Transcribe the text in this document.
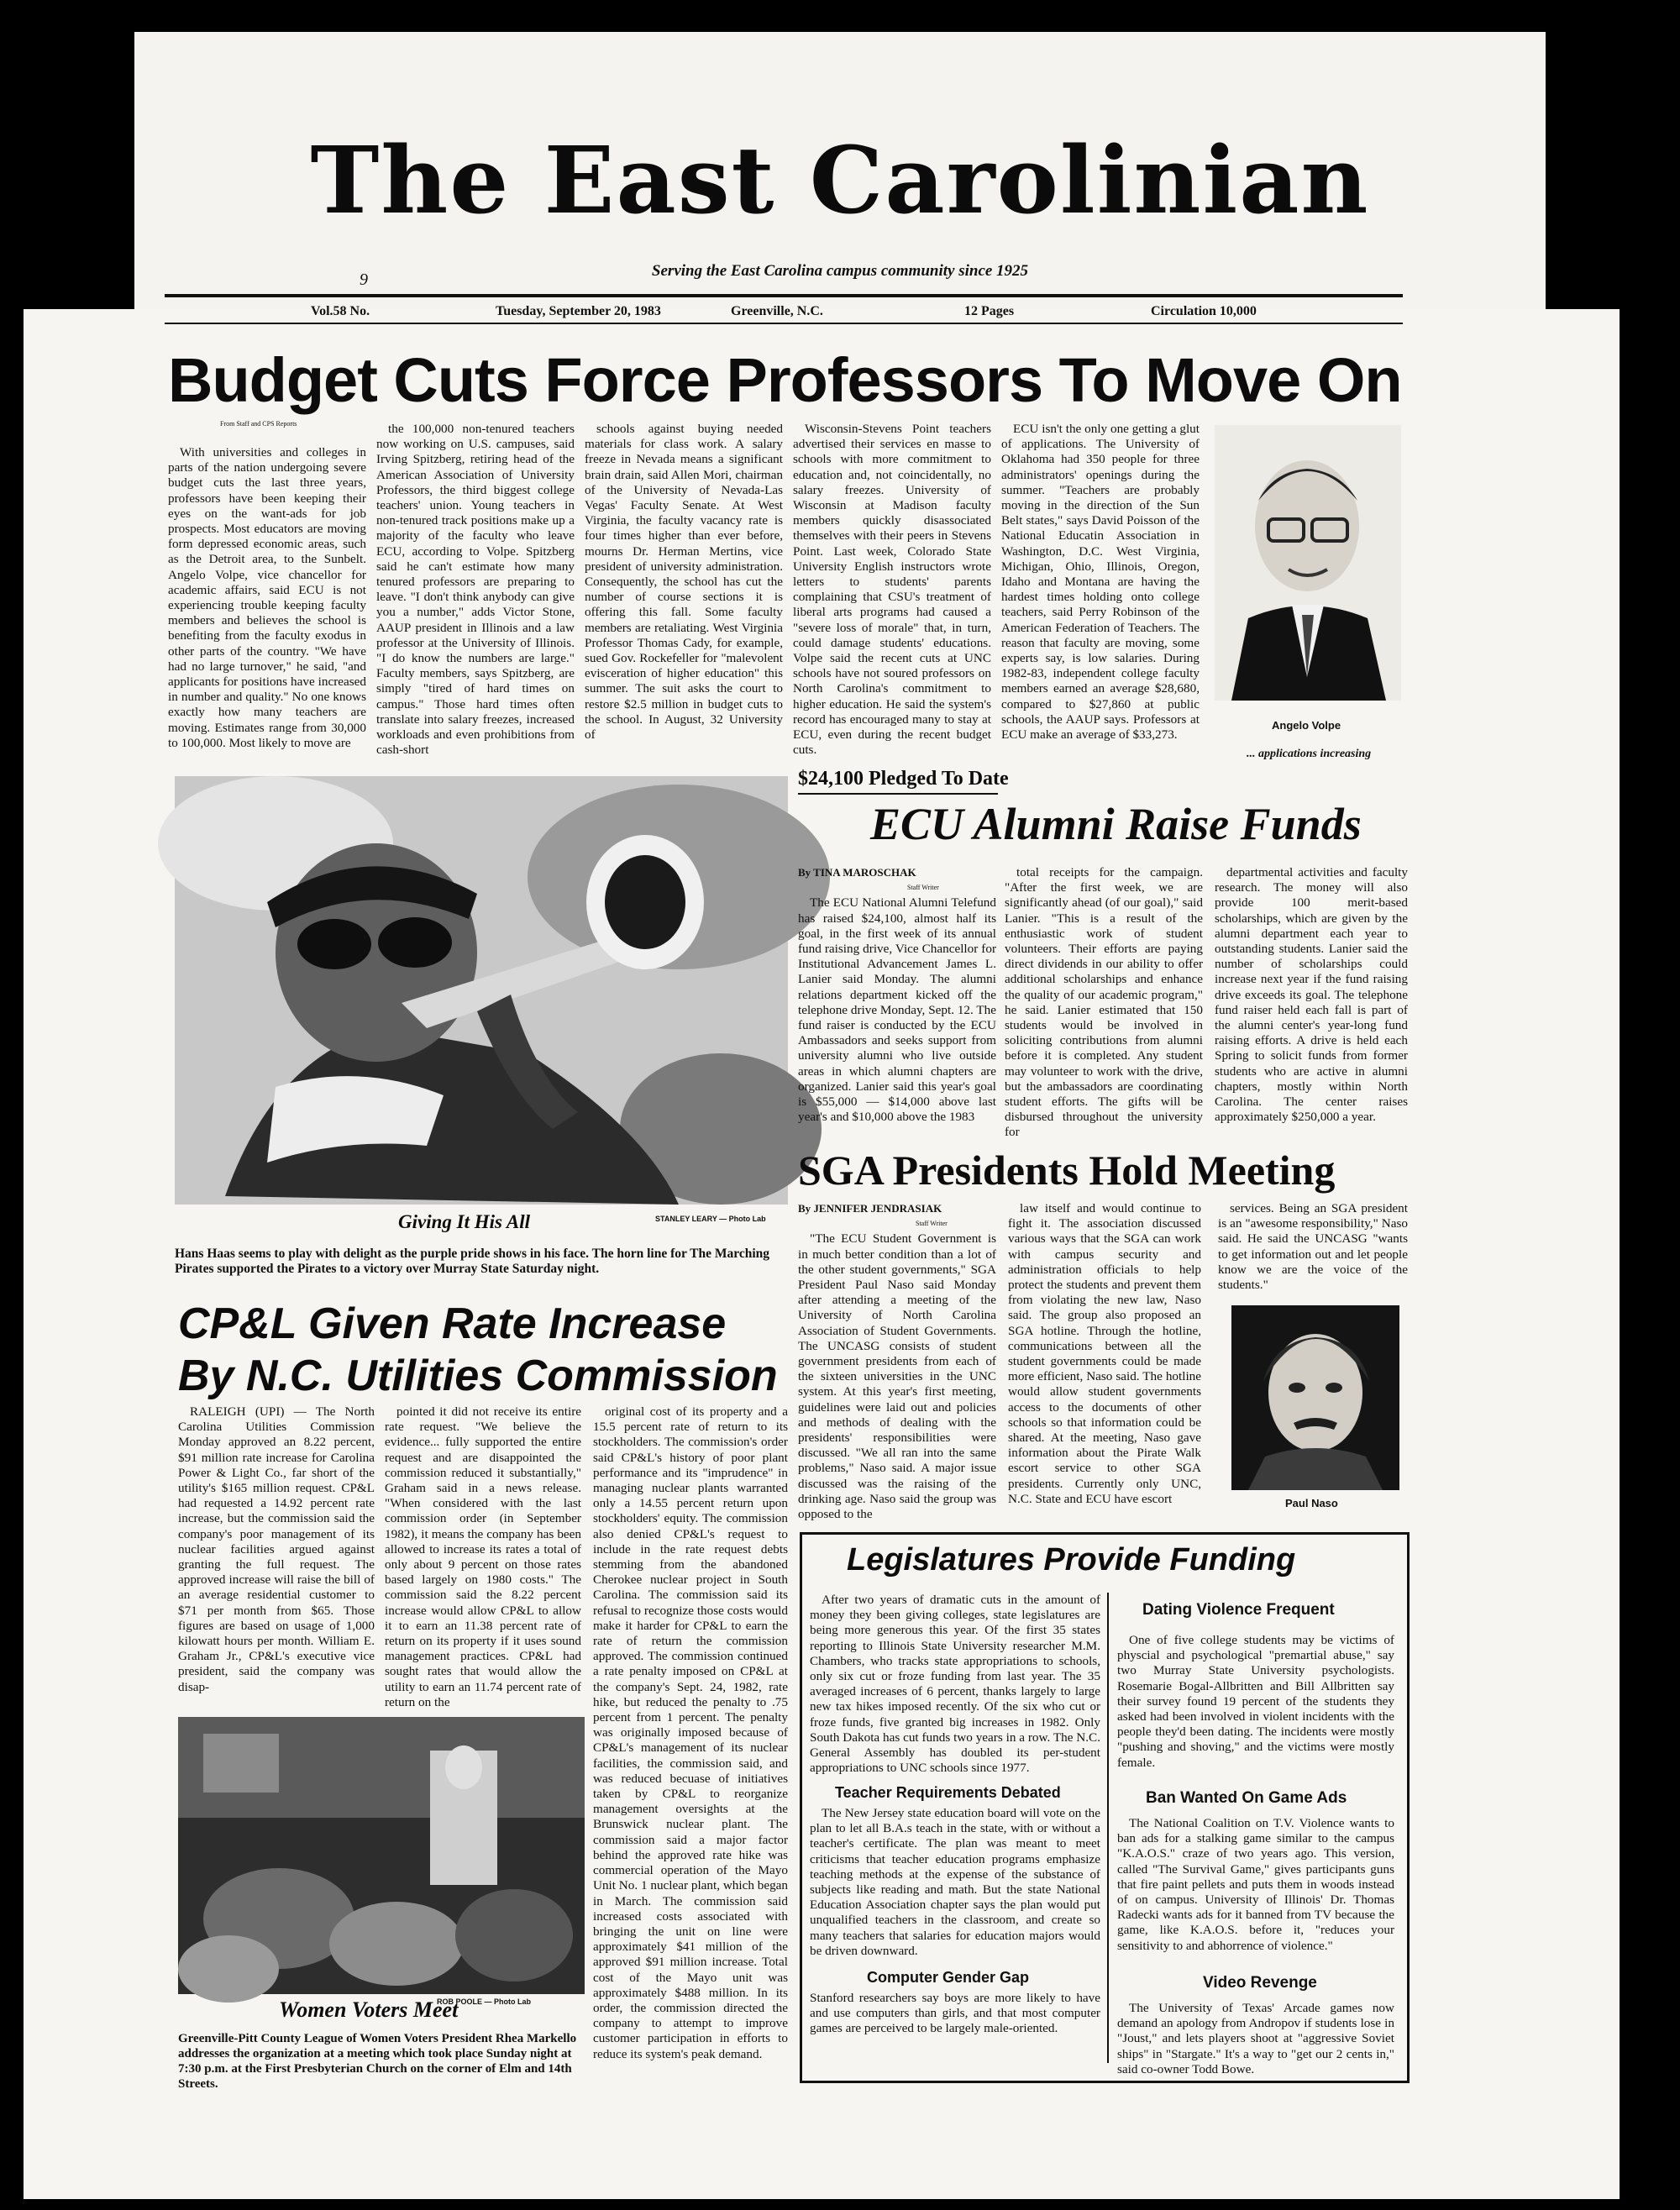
The East Carolinian
Serving the East Carolina campus community since 1925
9
Vol.58 No.	Tuesday, September 20, 1983	Greenville, N.C.	12 Pages	Circulation 10,000
Budget Cuts Force Professors To Move On
From Staff and CPS Reports

With universities and colleges in parts of the nation undergoing severe budget cuts the last three years, professors have been keeping their eyes on the want-ads for job prospects. Most educators are moving form depressed economic areas, such as the Detroit area, to the Sunbelt. Angelo Volpe, vice chancellor for academic affairs, said ECU is not experiencing trouble keeping faculty members and believes the school is benefiting from the faculty exodus in other parts of the country. "We have had no large turnover," he said, "and applicants for positions have increased in number and quality." No one knows exactly how many teachers are moving. Estimates range from 30,000 to 100,000. Most likely to move are

the 100,000 non-tenured teachers now working on U.S. campuses, said Irving Spitzberg, retiring head of the American Association of University Professors, the third biggest college teachers' union. Young teachers in non-tenured track positions make up a majority of the faculty who leave ECU, according to Volpe. Spitzberg said he can't estimate how many tenured professors are preparing to leave. "I don't think anybody can give you a number," adds Victor Stone, AAUP president in Illinois and a law professor at the University of Illinois. "I do know the numbers are large." Faculty members, says Spitzberg, are simply "tired of hard times on campus." Those hard times often translate into salary freezes, increased workloads and even prohibitions from cash-short

schools against buying needed materials for class work. A salary freeze in Nevada means a significant brain drain, said Allen Mori, chairman of the University of Nevada-Las Vegas' Faculty Senate. At West Virginia, the faculty vacancy rate is four times higher than ever before, mourns Dr. Herman Mertins, vice president of university administration. Consequently, the school has cut the number of course sections it is offering this fall. Some faculty members are retaliating. West Virginia Professor Thomas Cady, for example, sued Gov. Rockefeller for "malevolent evisceration of higher education" this summer. The suit asks the court to restore $2.5 million in budget cuts to the school. In August, 32 University of

Wisconsin-Stevens Point teachers advertised their services en masse to schools with more commitment to education and, not coincidentally, no salary freezes. University of Wisconsin at Madison faculty members quickly disassociated themselves with their peers in Stevens Point. Last week, Colorado State University English instructors wrote letters to students' parents complaining that CSU's treatment of liberal arts programs had caused a "severe loss of morale" that, in turn, could damage students' educations. Volpe said the recent cuts at UNC schools have not soured professors on North Carolina's commitment to higher education. He said the system's record has encouraged many to stay at ECU, even during the recent budget cuts.

ECU isn't the only one getting a glut of applications. The University of Oklahoma had 350 people for three administrators' openings during the summer. "Teachers are probably moving in the direction of the Sun Belt states," says David Poisson of the National Educatin Association in Washington, D.C. West Virginia, Michigan, Ohio, Illinois, Oregon, Idaho and Montana are having the hardest times holding onto college teachers, said Perry Robinson of the American Federation of Teachers. The reason that faculty are moving, some experts say, is low salaries. During 1982-83, independent college faculty members earned an average $28,680, compared to $27,860 at public schools, the AAUP says. Professors at ECU make an average of $33,273.

Angelo Volpe
... applications increasing
STANLEY LEARY — Photo Lab
Giving It His All
Hans Haas seems to play with delight as the purple pride shows in his face. The horn line for The Marching Pirates supported the Pirates to a victory over Murray State Saturday night.
$24,100 Pledged To Date
ECU Alumni Raise Funds

By TINA MAROSCHAK

Staff Writer

The ECU National Alumni Telefund has raised $24,100, almost half its goal, in the first week of its annual fund raising drive, Vice Chancellor for Institutional Advancement James L. Lanier said Monday. The alumni relations department kicked off the telephone drive Monday, Sept. 12. The fund raiser is conducted by the ECU Ambassadors and seeks support from university alumni who live outside areas in which alumni chapters are organized. Lanier said this year's goal is $55,000 — $14,000 above last year's and $10,000 above the 1983

total receipts for the campaign. "After the first week, we are significantly ahead (of our goal)," said Lanier. "This is a result of the enthusiastic work of student volunteers. Their efforts are paying direct dividends in our ability to offer additional scholarships and enhance the quality of our academic program," he said. Lanier estimated that 150 students would be involved in soliciting contributions from alumni before it is completed. Any student may volunteer to work with the drive, but the ambassadors are coordinating student efforts. The gifts will be disbursed throughout the university for

departmental activities and faculty research. The money will also provide 100 merit-based scholarships, which are given by the alumni department each year to outstanding students. Lanier said the number of scholarships could increase next year if the fund raising drive exceeds its goal. The telephone fund raiser held each fall is part of the alumni center's year-long fund raising efforts. A drive is held each Spring to solicit funds from former students who are active in alumni chapters, mostly within North Carolina. The center raises approximately $250,000 a year.

SGA Presidents Hold Meeting

By JENNIFER JENDRASIAK

Staff Writer

"The ECU Student Government is in much better condition than a lot of the other student governments," SGA President Paul Naso said Monday after attending a meeting of the University of North Carolina Association of Student Governments. The UNCASG consists of student government presidents from each of the sixteen universities in the UNC system. At this year's first meeting, guidelines were laid out and policies and methods of dealing with the presidents' responsibilities were discussed. "We all ran into the same problems," Naso said. A major issue discussed was the raising of the drinking age. Naso said the group was opposed to the

law itself and would continue to fight it. The association discussed various ways that the SGA can work with campus security and administration officials to help protect the students and prevent them from violating the new law, Naso said. The group also proposed an SGA hotline. Through the hotline, communications between all the student governments could be made more efficient, Naso said. The hotline would allow student governments access to the documents of other schools so that information could be shared. At the meeting, Naso gave information about the Pirate Walk escort service to other SGA presidents. Currently only UNC, N.C. State and ECU have escort

services. Being an SGA president is an "awesome responsibility," Naso said. He said the UNCASG "wants to get information out and let people know we are the voice of the students."

Paul Naso
CP&L Given Rate Increase
By N.C. Utilities Commission

RALEIGH (UPI) — The North Carolina Utilities Commission Monday approved an 8.22 percent, $91 million rate increase for Carolina Power & Light Co., far short of the utility's $165 million request. CP&L had requested a 14.92 percent rate increase, but the commission said the company's poor management of its nuclear facilities argued against granting the full request. The approved increase will raise the bill of an average residential customer to $71 per month from $65. Those figures are based on usage of 1,000 kilowatt hours per month. William E. Graham Jr., CP&L's executive vice president, said the company was disap-

pointed it did not receive its entire rate request. "We believe the evidence... fully supported the entire request and are disappointed the commission reduced it substantially," Graham said in a news release. "When considered with the last commission order (in September 1982), it means the company has been allowed to increase its rates a total of only about 9 percent on those rates based largely on 1980 costs." The commission said the 8.22 percent increase would allow CP&L to allow it to earn an 11.38 percent rate of return on its property if it uses sound management practices. CP&L had sought rates that would allow the utility to earn an 11.74 percent rate of return on the

original cost of its property and a 15.5 percent rate of return to its stockholders. The commission's order said CP&L's history of poor plant performance and its "imprudence" in managing nuclear plants warranted only a 14.55 percent return upon stockholders' equity. The commission also denied CP&L's request to include in the rate request debts stemming from the abandoned Cherokee nuclear project in South Carolina. The commission said its refusal to recognize those costs would make it harder for CP&L to earn the rate of return the commission approved. The commission continued a rate penalty imposed on CP&L at the company's Sept. 24, 1982, rate hike, but reduced the penalty to .75 percent from 1 percent. The penalty was originally imposed because of CP&L's management of its nuclear facilities, the commission said, and was reduced becuase of initiatives taken by CP&L to reorganize management oversights at the Brunswick nuclear plant. The commission said a major factor behind the approved rate hike was commercial operation of the Mayo Unit No. 1 nuclear plant, which began in March. The commission said increased costs associated with bringing the unit on line were approximately $41 million of the approved $91 million increase. Total cost of the Mayo unit was approximately $488 million. In its order, the commission directed the company to attempt to improve customer participation in efforts to reduce its system's peak demand.

ROB POOLE — Photo Lab
Women Voters Meet
Greenville-Pitt County League of Women Voters President Rhea Markello addresses the organization at a meeting which took place Sunday night at 7:30 p.m. at the First Presbyterian Church on the corner of Elm and 14th Streets.
Legislatures Provide Funding

After two years of dramatic cuts in the amount of money they been giving colleges, state legislatures are being more generous this year. Of the first 35 states reporting to Illinois State University researcher M.M. Chambers, who tracks state appropriations to schools, only six cut or froze funding from last year. The 35 averaged increases of 6 percent, thanks largely to large new tax hikes imposed recently. Of the six who cut or froze funds, five granted big increases in 1982. Only South Dakota has cut funds two years in a row. The N.C. General Assembly has doubled its per-student appropriations to UNC schools since 1977.

Teacher Requirements Debated

The New Jersey state education board will vote on the plan to let all B.A.s teach in the state, with or without a teacher's certificate. The plan was meant to meet criticisms that teacher education programs emphasize teaching methods at the expense of the substance of subjects like reading and math. But the state National Education Association chapter says the plan would put unqualified teachers in the classroom, and create so many teachers that salaries for education majors would be driven downward.

Computer Gender Gap

Stanford researchers say boys are more likely to have and use computers than girls, and that most computer games are perceived to be largely male-oriented.

Dating Violence Frequent

One of five college students may be victims of physcial and psychological "premartial abuse," say two Murray State University psychologists. Rosemarie Bogal-Allbritten and Bill Allbritten say their survey found 19 percent of the students they asked had been involved in violent incidents with the people they'd been dating. The incidents were mostly "pushing and shoving," and the victims were mostly female.

Ban Wanted On Game Ads

The National Coalition on T.V. Violence wants to ban ads for a stalking game similar to the campus "K.A.O.S." craze of two years ago. This version, called "The Survival Game," gives participants guns that fire paint pellets and puts them in woods instead of on campus. University of Illinois' Dr. Thomas Radecki wants ads for it banned from TV because the game, like K.A.O.S. before it, "reduces your sensitivity to and abhorrence of violence."

Video Revenge

The University of Texas' Arcade games now demand an apology from Andropov if students lose in "Joust," and lets players shoot at "aggressive Soviet ships" in "Stargate." It's a way to "get our 2 cents in," said co-owner Todd Bowe.
